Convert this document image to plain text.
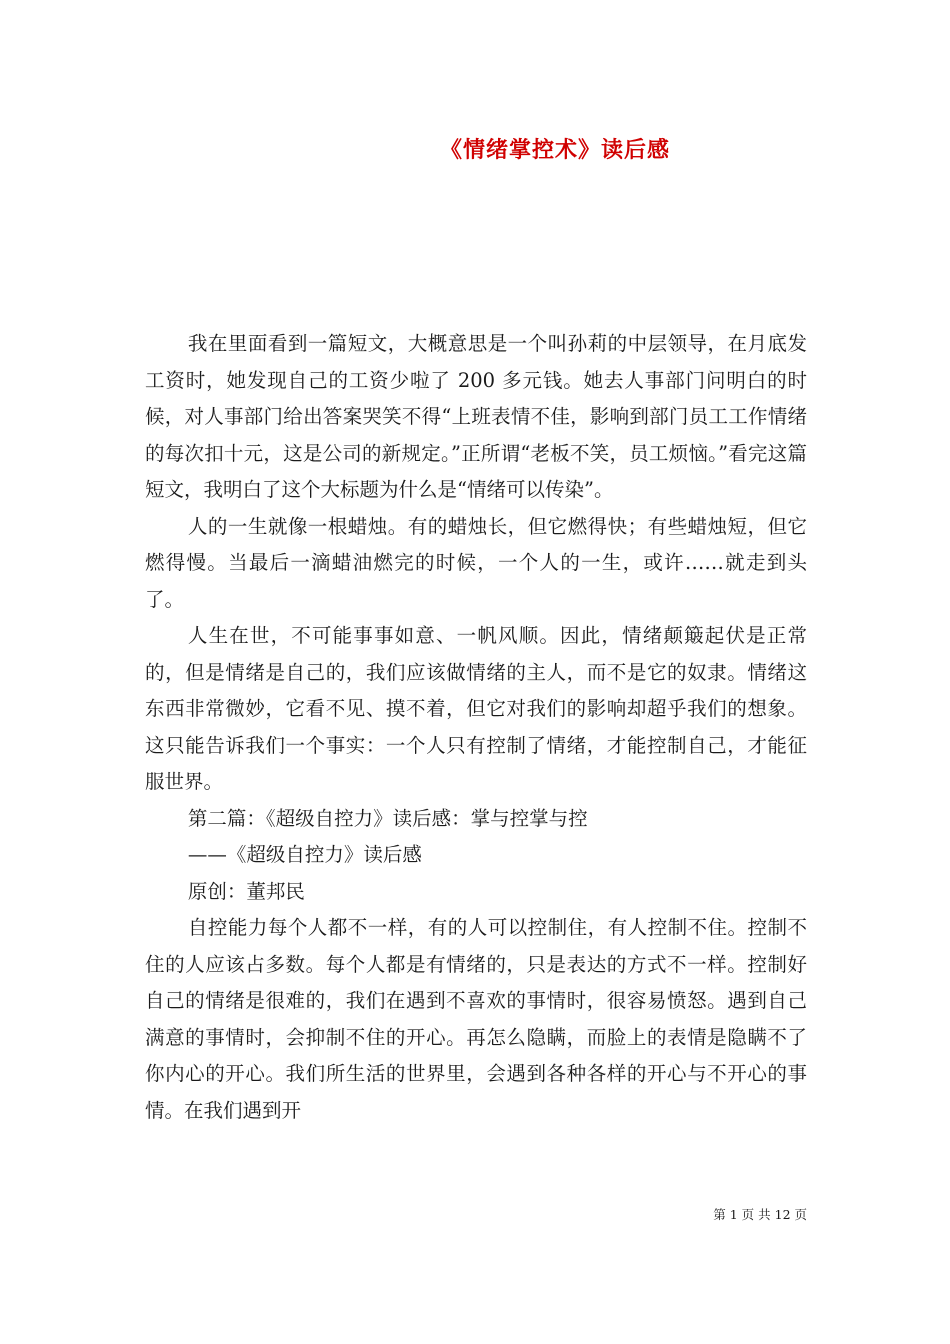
《情绪掌控术》读后感

我在里面看到一篇短文，大概意思是一个叫孙莉的中层领导，在月底发工资时，她发现自己的工资少啦了 200 多元钱。她去人事部门问明白的时候，对人事部门给出答案哭笑不得“上班表情不佳，影响到部门员工工作情绪的每次扣十元，这是公司的新规定。”正所谓“老板不笑，员工烦恼。”看完这篇短文，我明白了这个大标题为什么是“情绪可以传染”。

人的一生就像一根蜡烛。有的蜡烛长，但它燃得快；有些蜡烛短，但它燃得慢。当最后一滴蜡油燃完的时候，一个人的一生，或许……就走到头了。

人生在世，不可能事事如意、一帆风顺。因此，情绪颠簸起伏是正常的，但是情绪是自己的，我们应该做情绪的主人，而不是它的奴隶。情绪这东西非常微妙，它看不见、摸不着，但它对我们的影响却超乎我们的想象。这只能告诉我们一个事实：一个人只有控制了情绪，才能控制自己，才能征服世界。

第二篇：《超级自控力》读后感：掌与控掌与控

——《超级自控力》读后感

原创：董邦民

自控能力每个人都不一样，有的人可以控制住，有人控制不住。控制不住的人应该占多数。每个人都是有情绪的，只是表达的方式不一样。控制好自己的情绪是很难的，我们在遇到不喜欢的事情时，很容易愤怒。遇到自己满意的事情时，会抑制不住的开心。再怎么隐瞒，而脸上的表情是隐瞒不了你内心的开心。我们所生活的世界里，会遇到各种各样的开心与不开心的事情。在我们遇到开

第 1 页 共 12 页
